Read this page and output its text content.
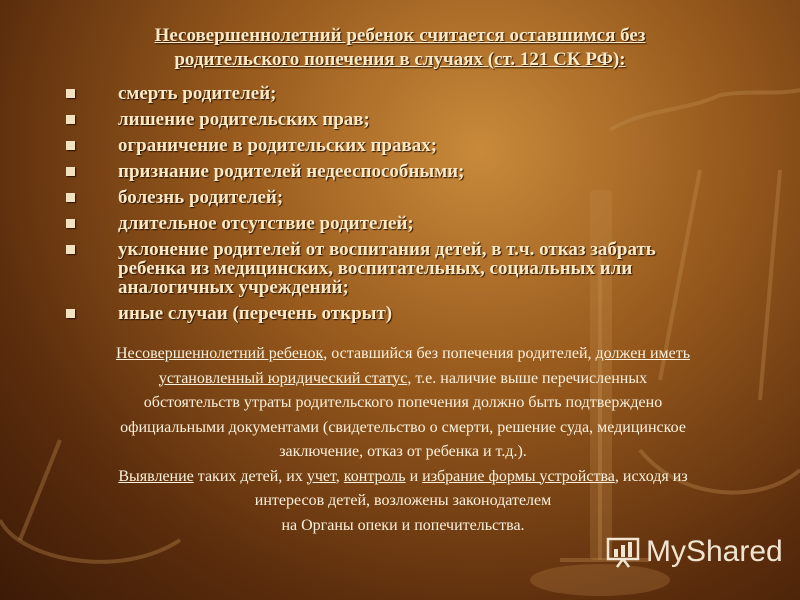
Несовершеннолетний ребенок считается оставшимся без
родительского попечения в случаях (ст. 121 СК РФ):
смерть родителей;
лишение родительских прав;
ограничение в родительских правах;
признание родителей недееспособными;
болезнь родителей;
длительное отсутствие родителей;
уклонение родителей от воспитания детей, в т.ч. отказ забрать
ребенка из медицинских, воспитательных, социальных или
аналогичных учреждений;
иные случаи (перечень открыт)
Несовершеннолетний ребенок, оставшийся без попечения родителей, должен иметь
установленный юридический статус, т.е. наличие выше перечисленных
обстоятельств утраты родительского попечения должно быть подтверждено
официальными документами (свидетельство о смерти, решение суда, медицинское
заключение, отказ от ребенка и т.д.).
Выявление таких детей, их учет, контроль и избрание формы устройства, исходя из
интересов детей, возложены законодателем
на Органы опеки и попечительства.
MyShared
